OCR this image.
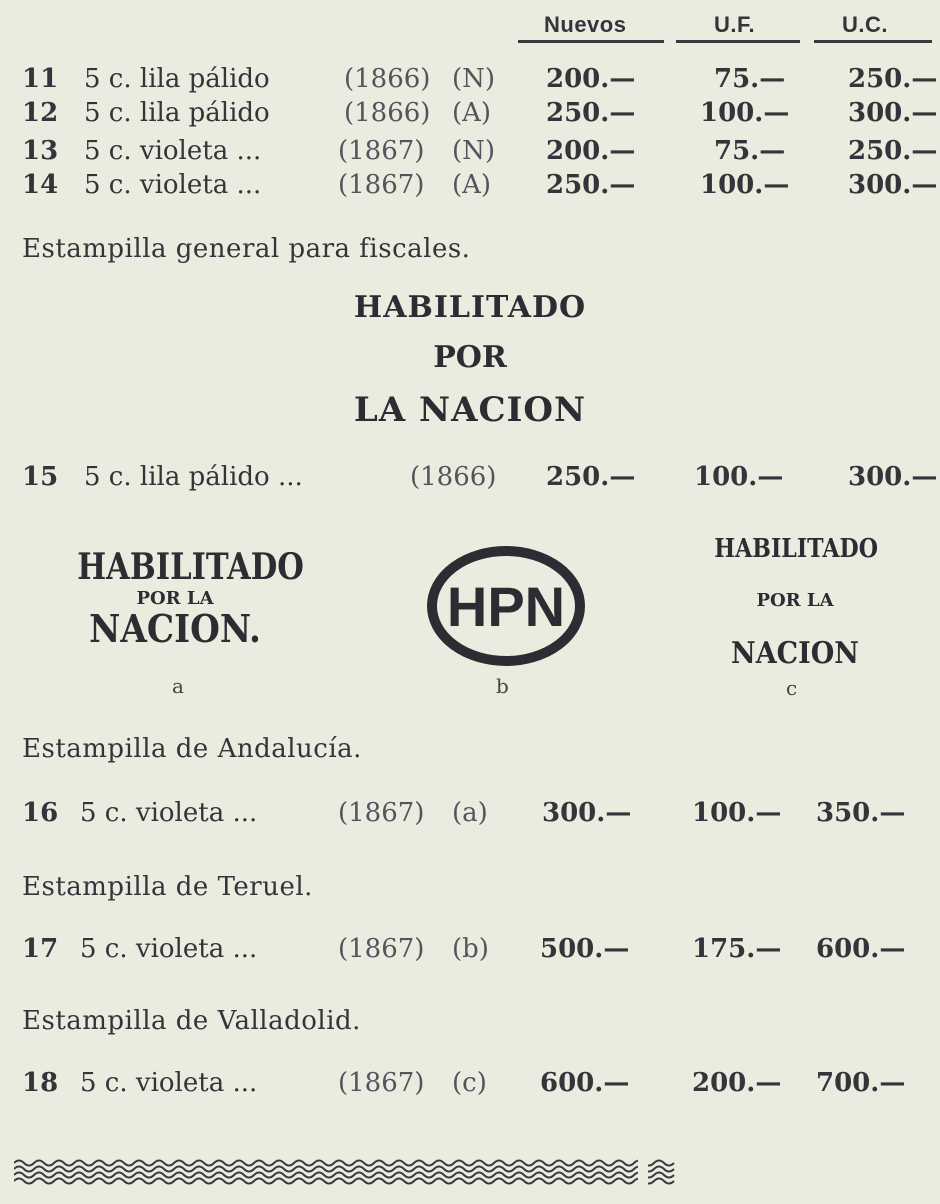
Nuevos	U.F.	U.C.
11 5 c. lila pálido	(1866) (N) 200.—	75.— 250.—
12 5 c. lila pálido	(1866) (A) 250.— 100.— 300.—
13 5 c. violeta ...	(1867) (N) 200.—	75.— 250.—
14 5 c. violeta ...	(1867) (A) 250.— 100.— 300.—
Estampilla general para fiscales.
HABILITADO
POR
LA NACION
15 5 c. lila pálido ...	(1866) 250.— 100.— 300.—
HABILITADO
POR LA
NACION.
a
HPN
b
HABILITADO
POR LA
NACION
c
Estampilla de Andalucía.
16 5 c. violeta ...	(1867) (a) 300.— 100.— 350.—
Estampilla de Teruel.
17 5 c. violeta ...	(1867) (b) 500.— 175.— 600.—
Estampilla de Valladolid.
18 5 c. violeta ...	(1867) (c) 600.— 200.— 700.—
